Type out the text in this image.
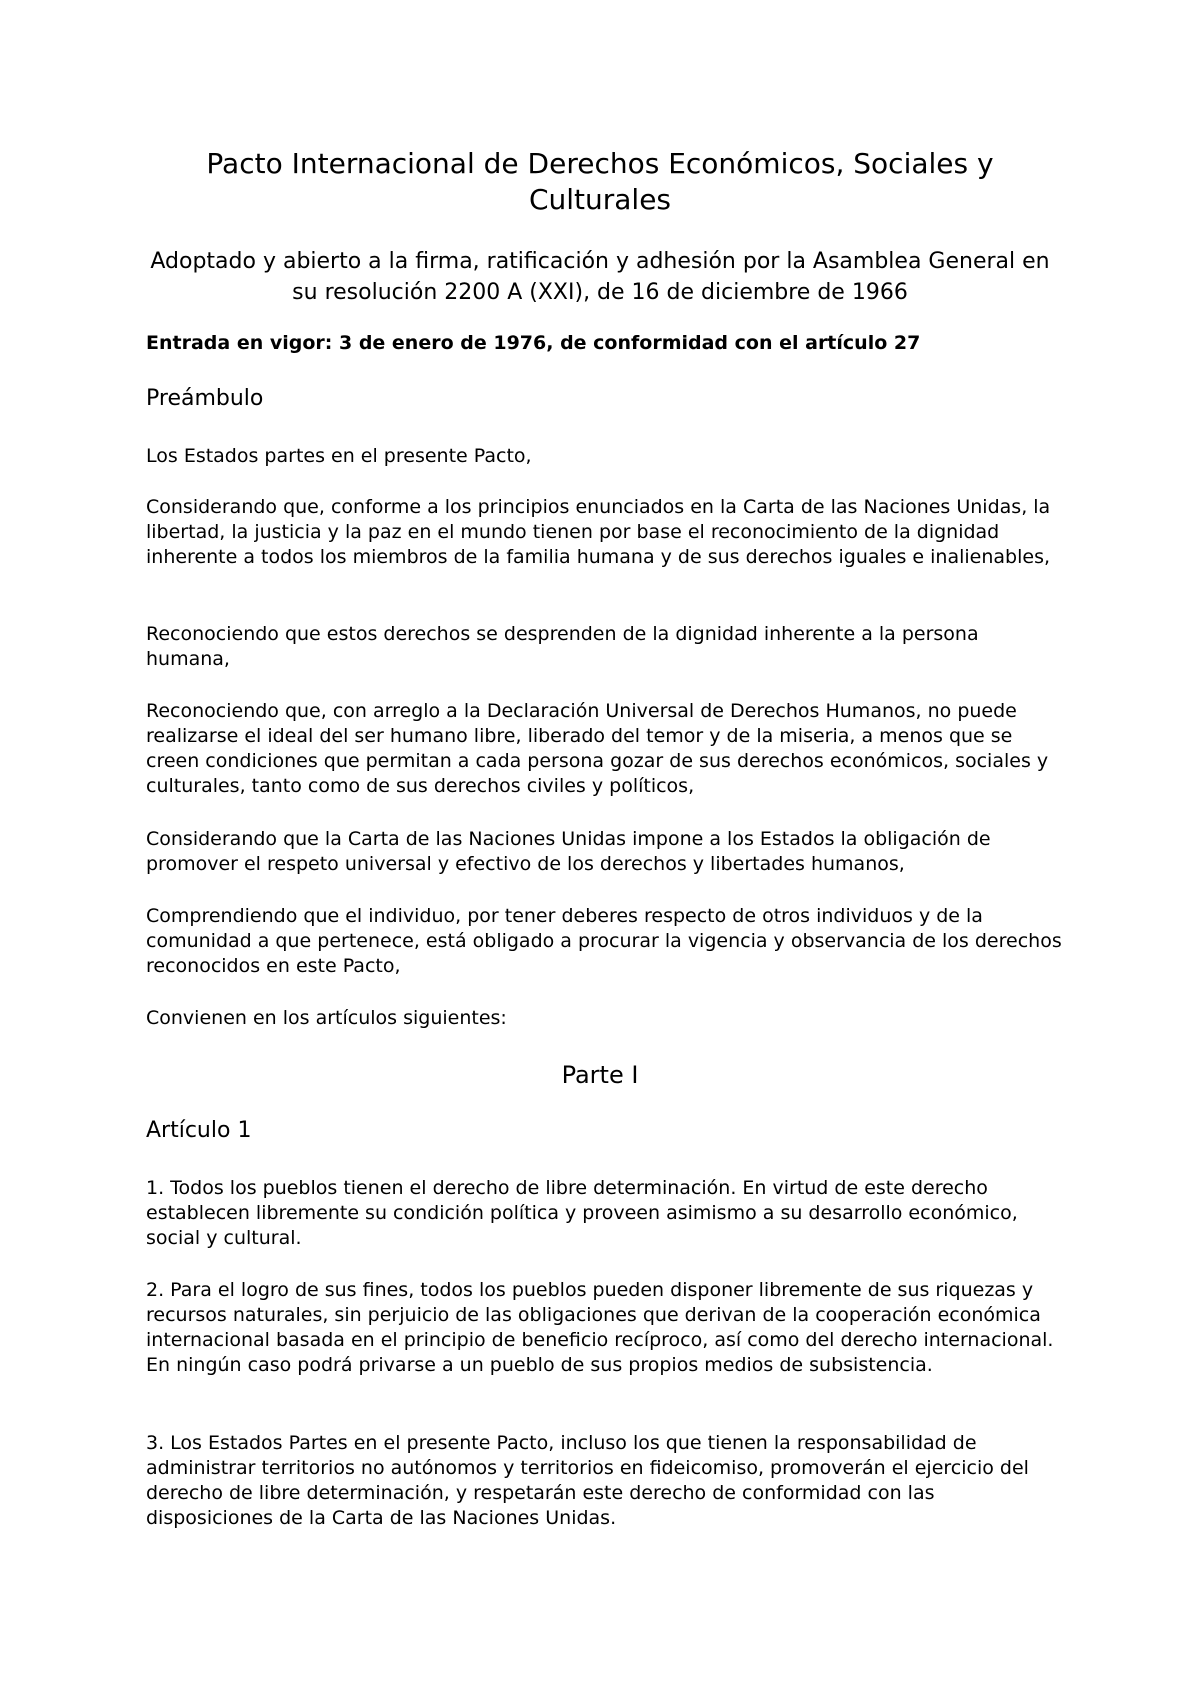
Pacto Internacional de Derechos Económicos, Sociales y Culturales

Adoptado y abierto a la firma, ratificación y adhesión por la Asamblea General en su resolución 2200 A (XXI), de 16 de diciembre de 1966

Entrada en vigor: 3 de enero de 1976, de conformidad con el artículo 27

Preámbulo

Los Estados partes en el presente Pacto,

Considerando que, conforme a los principios enunciados en la Carta de las Naciones Unidas, la libertad, la justicia y la paz en el mundo tienen por base el reconocimiento de la dignidad inherente a todos los miembros de la familia humana y de sus derechos iguales e inalienables,

Reconociendo que estos derechos se desprenden de la dignidad inherente a la persona humana,

Reconociendo que, con arreglo a la Declaración Universal de Derechos Humanos, no puede realizarse el ideal del ser humano libre, liberado del temor y de la miseria, a menos que se creen condiciones que permitan a cada persona gozar de sus derechos económicos, sociales y culturales, tanto como de sus derechos civiles y políticos,

Considerando que la Carta de las Naciones Unidas impone a los Estados la obligación de promover el respeto universal y efectivo de los derechos y libertades humanos,

Comprendiendo que el individuo, por tener deberes respecto de otros individuos y de la comunidad a que pertenece, está obligado a procurar la vigencia y observancia de los derechos reconocidos en este Pacto,

Convienen en los artículos siguientes:

Parte I
Artículo 1

1. Todos los pueblos tienen el derecho de libre determinación. En virtud de este derecho establecen libremente su condición política y proveen asimismo a su desarrollo económico, social y cultural.

2. Para el logro de sus fines, todos los pueblos pueden disponer libremente de sus riquezas y recursos naturales, sin perjuicio de las obligaciones que derivan de la cooperación económica internacional basada en el principio de beneficio recíproco, así como del derecho internacional. En ningún caso podrá privarse a un pueblo de sus propios medios de subsistencia.

3. Los Estados Partes en el presente Pacto, incluso los que tienen la responsabilidad de administrar territorios no autónomos y territorios en fideicomiso, promoverán el ejercicio del derecho de libre determinación, y respetarán este derecho de conformidad con las disposiciones de la Carta de las Naciones Unidas.
